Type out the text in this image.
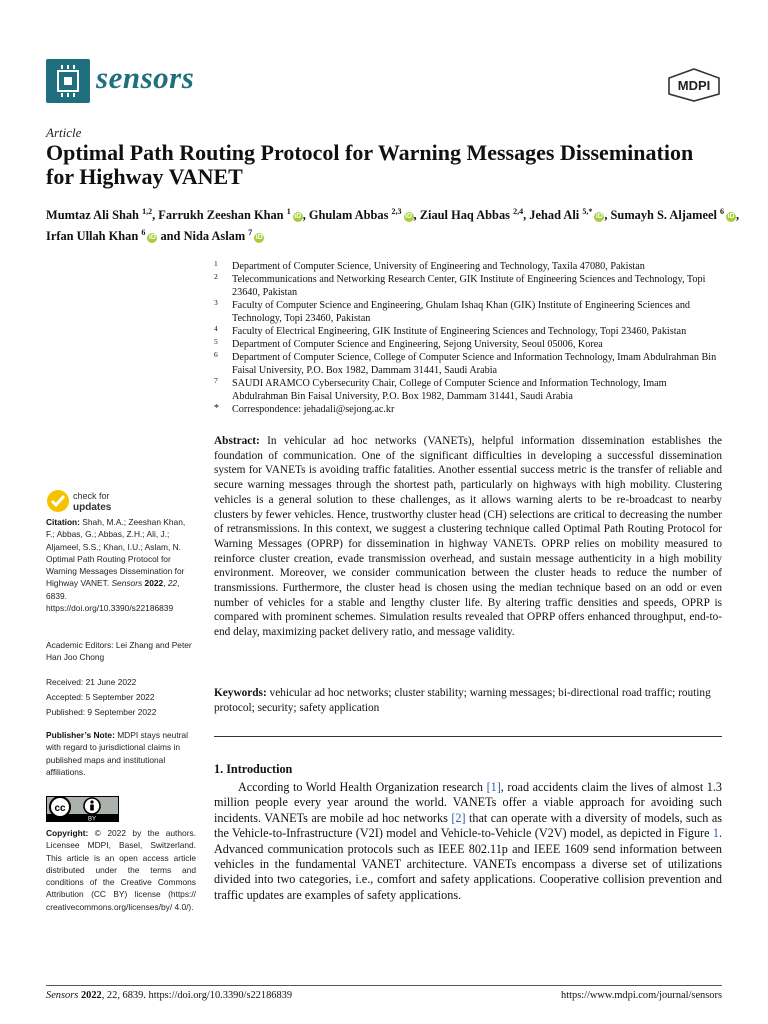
sensors	MDPI
Article
Optimal Path Routing Protocol for Warning Messages Dissemination for Highway VANET
Mumtaz Ali Shah $^{1,2}$, Farrukh Zeeshan Khan $^1$iD , Ghulam Abbas $^{2,3}$iD , Ziaul Haq Abbas $^{2,4}$, Jehad Ali $^{5,*}$iD , Sumayh S. Aljameel $^6$iD , Irfan Ullah Khan $^6$iD and Nida Aslam $^7$iD
1 Department of Computer Science, University of Engineering and Technology, Taxila 47080, Pakistan
2 Telecommunications and Networking Research Center, GIK Institute of Engineering Sciences and Technology, Topi 23640, Pakistan
3 Faculty of Computer Science and Engineering, Ghulam Ishaq Khan (GIK) Institute of Engineering Sciences and Technology, Topi 23460, Pakistan
4 Faculty of Electrical Engineering, GIK Institute of Engineering Sciences and Technology, Topi 23460, Pakistan
5 Department of Computer Science and Engineering, Sejong University, Seoul 05006, Korea
6 Department of Computer Science, College of Computer Science and Information Technology, Imam Abdulrahman Bin Faisal University, P.O. Box 1982, Dammam 31441, Saudi Arabia
7 SAUDI ARAMCO Cybersecurity Chair, College of Computer Science and Information Technology, Imam Abdulrahman Bin Faisal University, P.O. Box 1982, Dammam 31441, Saudi Arabia
* Correspondence: jehadali@sejong.ac.kr
Abstract: In vehicular ad hoc networks (VANETs), helpful information dissemination establishes the foundation of communication. One of the significant difficulties in developing a successful dissemination system for VANETs is avoiding traffic fatalities. Another essential success metric is the transfer of reliable and secure warning messages through the shortest path, particularly on highways with high mobility. Clustering vehicles is a general solution to these challenges, as it allows warning alerts to be re-broadcast to nearby clusters by fewer vehicles. Hence, trustworthy cluster head (CH) selections are critical to decreasing the number of retransmissions. In this context, we suggest a clustering technique called Optimal Path Routing Protocol for Warning Messages (OPRP) for dissemination in highway VANETs. OPRP relies on mobility measured to reinforce cluster creation, evade transmission overhead, and sustain message authenticity in a high mobility environment. Moreover, we consider communication between the cluster heads to reduce the number of transmissions. Furthermore, the cluster head is chosen using the median technique based on an odd or even number of vehicles for a stable and lengthy cluster life. By altering traffic densities and speeds, OPRP is compared with prominent schemes. Simulation results revealed that OPRP offers enhanced throughput, end-to-end delay, maximizing packet delivery ratio, and message validity.
Keywords: vehicular ad hoc networks; cluster stability; warning messages; bi-directional road traffic; routing protocol; security; safety application
1. Introduction
According to World Health Organization research [1], road accidents claim the lives of almost 1.3 million people every year around the world. VANETs offer a viable approach for avoiding such incidents. VANETs are mobile ad hoc networks [2] that can operate with a diversity of models, such as the Vehicle-to-Infrastructure (V2I) model and Vehicle-to-Vehicle (V2V) model, as depicted in Figure 1. Advanced communication protocols such as IEEE 802.11p and IEEE 1609 send information between vehicles in the fundamental VANET architecture. VANETs encompass a diverse set of utilizations divided into two categories, i.e., comfort and safety applications. Cooperative collision prevention and traffic updates are examples of safety applications.
check for
updates
Citation: Shah, M.A.; Zeeshan Khan, F.; Abbas, G.; Abbas, Z.H.; Ali, J.; Aljameel, S.S.; Khan, I.U.; Aslam, N. Optimal Path Routing Protocol for Warning Messages Dissemination for Highway VANET. Sensors 2022, 22, 6839. https://doi.org/10.3390/s22186839
Academic Editors: Lei Zhang and Peter Han Joo Chong
Received: 21 June 2022
Accepted: 5 September 2022
Published: 9 September 2022
Publisher’s Note: MDPI stays neutral with regard to jurisdictional claims in published maps and institutional affiliations.
cc
BY
Copyright: © 2022 by the authors. Licensee MDPI, Basel, Switzerland. This article is an open access article distributed under the terms and conditions of the Creative Commons Attribution (CC BY) license (https:// creativecommons.org/licenses/by/ 4.0/).
Sensors 2022, 22, 6839. https://doi.org/10.3390/s22186839	https://www.mdpi.com/journal/sensors
